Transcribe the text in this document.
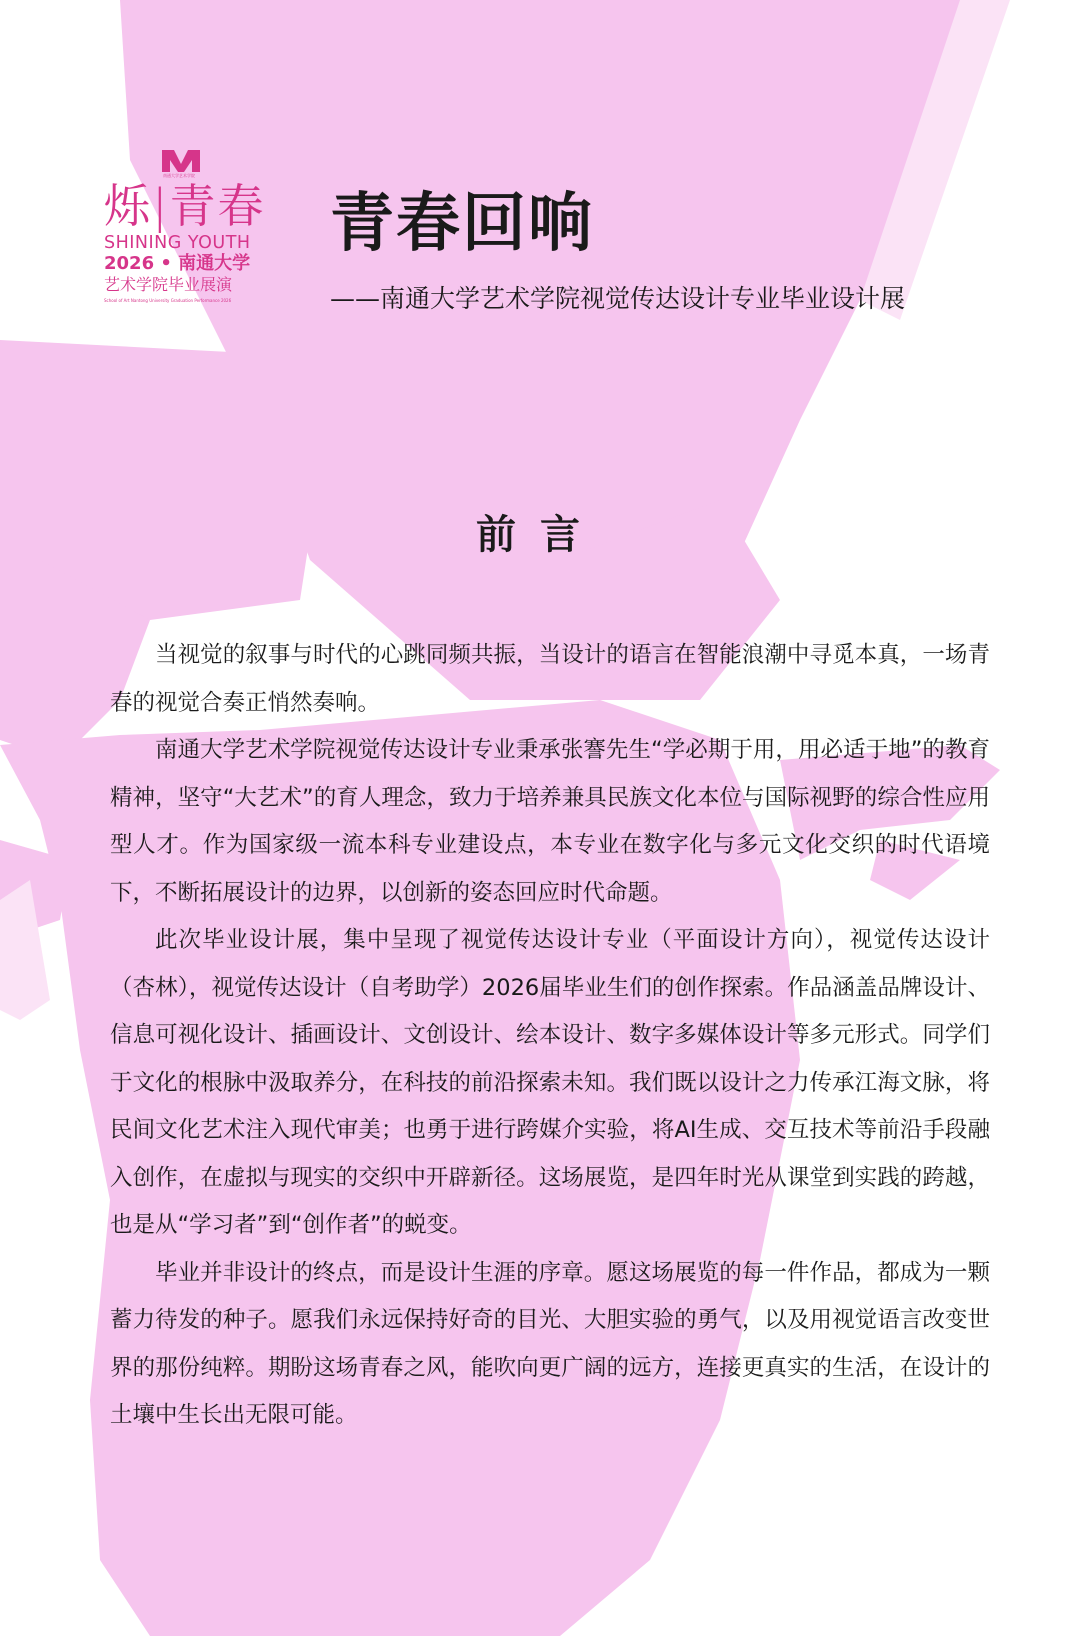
南通大学艺术学院
烁|青春
SHINING YOUTH
2026 • 南通大学
艺术学院毕业展演
School of Art Nantong University Graduation Performance 2026
青春回响
——南通大学艺术学院视觉传达设计专业毕业设计展
前言

当视觉的叙事与时代的心跳同频共振，当设计的语言在智能浪潮中寻觅本真，一场青春的视觉合奏正悄然奏响。

南通大学艺术学院视觉传达设计专业秉承张謇先生“学必期于用，用必适于地”的教育精神，坚守“大艺术”的育人理念，致力于培养兼具民族文化本位与国际视野的综合性应用型人才。作为国家级一流本科专业建设点，本专业在数字化与多元文化交织的时代语境下，不断拓展设计的边界，以创新的姿态回应时代命题。

此次毕业设计展，集中呈现了视觉传达设计专业（平面设计方向），视觉传达设计（杏林），视觉传达设计（自考助学）2026届毕业生们的创作探索。作品涵盖品牌设计、信息可视化设计、插画设计、文创设计、绘本设计、数字多媒体设计等多元形式。同学们于文化的根脉中汲取养分，在科技的前沿探索未知。我们既以设计之力传承江海文脉，将民间文化艺术注入现代审美；也勇于进行跨媒介实验，将AI生成、交互技术等前沿手段融入创作，在虚拟与现实的交织中开辟新径。这场展览，是四年时光从课堂到实践的跨越，也是从“学习者”到“创作者”的蜕变。

毕业并非设计的终点，而是设计生涯的序章。愿这场展览的每一件作品，都成为一颗蓄力待发的种子。愿我们永远保持好奇的目光、大胆实验的勇气，以及用视觉语言改变世界的那份纯粹。期盼这场青春之风，能吹向更广阔的远方，连接更真实的生活，在设计的土壤中生长出无限可能。
